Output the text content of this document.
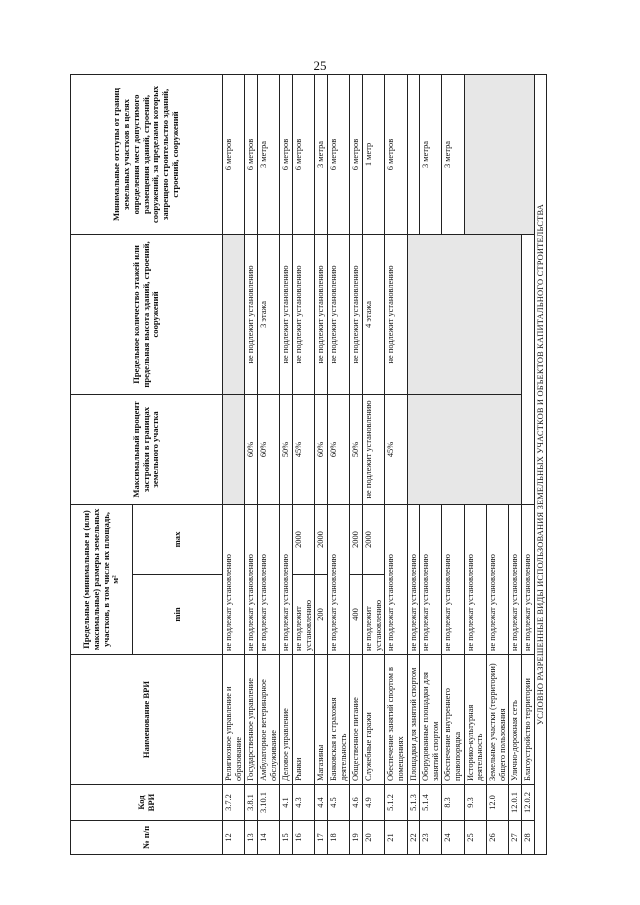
25
№ п/п	Код ВРИ	Наименование ВРИ	Предельные (минимальные и (или) максимальные) размеры земельных участков, в том числе их площадь, м²		Максимальный процент застройки в границах земельного участка	Предельное количество этажей или предельная высота зданий, строений, сооружений	Минимальные отступы от границ земельных участков в целях определения мест допустимого размещения зданий, строений, сооружений, за пределами которых запрещено строительство зданий, строений, сооружений
			min	max			
12	3.7.2	Религиозное управление и образование	не подлежат установлению				6 метров
13	3.8.1	Государственное управление	не подлежат установлению		60%	не подлежит установлению	6 метров
14	3.10.1	Амбулаторное ветеринарное обслуживание	не подлежат установлению		60%	3 этажа	3 метра
15	4.1	Деловое управление	не подлежат установлению		50%	не подлежит установлению	6 метров
16	4.3	Рынки	не подлежит установлению	2000	45%	не подлежит установлению	6 метров
17	4.4	Магазины	200	2000	60%	не подлежит установлению	3 метра
18	4.5	Банковская и страховая деятельность	не подлежат установлению		60%	не подлежит установлению	6 метров
19	4.6	Общественное питание	400	2000	50%	не подлежит установлению	6 метров
20	4.9	Служебные гаражи	не подлежит установлению	2000	не подлежит установлению	4 этажа	1 метр
21	5.1.2	Обеспечение занятий спортом в помещениях	не подлежат установлению		45%	не подлежит установлению	6 метров
22	5.1.3	Площадки для занятий спортом	не подлежат установлению				
23	5.1.4	Оборудованные площадки для занятий спортом	не подлежат установлению				3 метра
24	8.3	Обеспечение внутреннего правопорядка	не подлежат установлению				3 метра
25	9.3	Историко-культурная деятельность	не подлежат установлению				
26	12.0	Земельные участки (территории) общего пользования	не подлежат установлению				
27	12.0.1	Улично-дорожная сеть	не подлежат установлению				
28	12.0.2	Благоустройство территории	не подлежат установлению				
УСЛОВНО РАЗРЕШЕННЫЕ ВИДЫ ИСПОЛЬЗОВАНИЯ ЗЕМЕЛЬНЫХ УЧАСТКОВ И ОБЪЕКТОВ КАПИТАЛЬНОГО СТРОИТЕЛЬСТВА							
